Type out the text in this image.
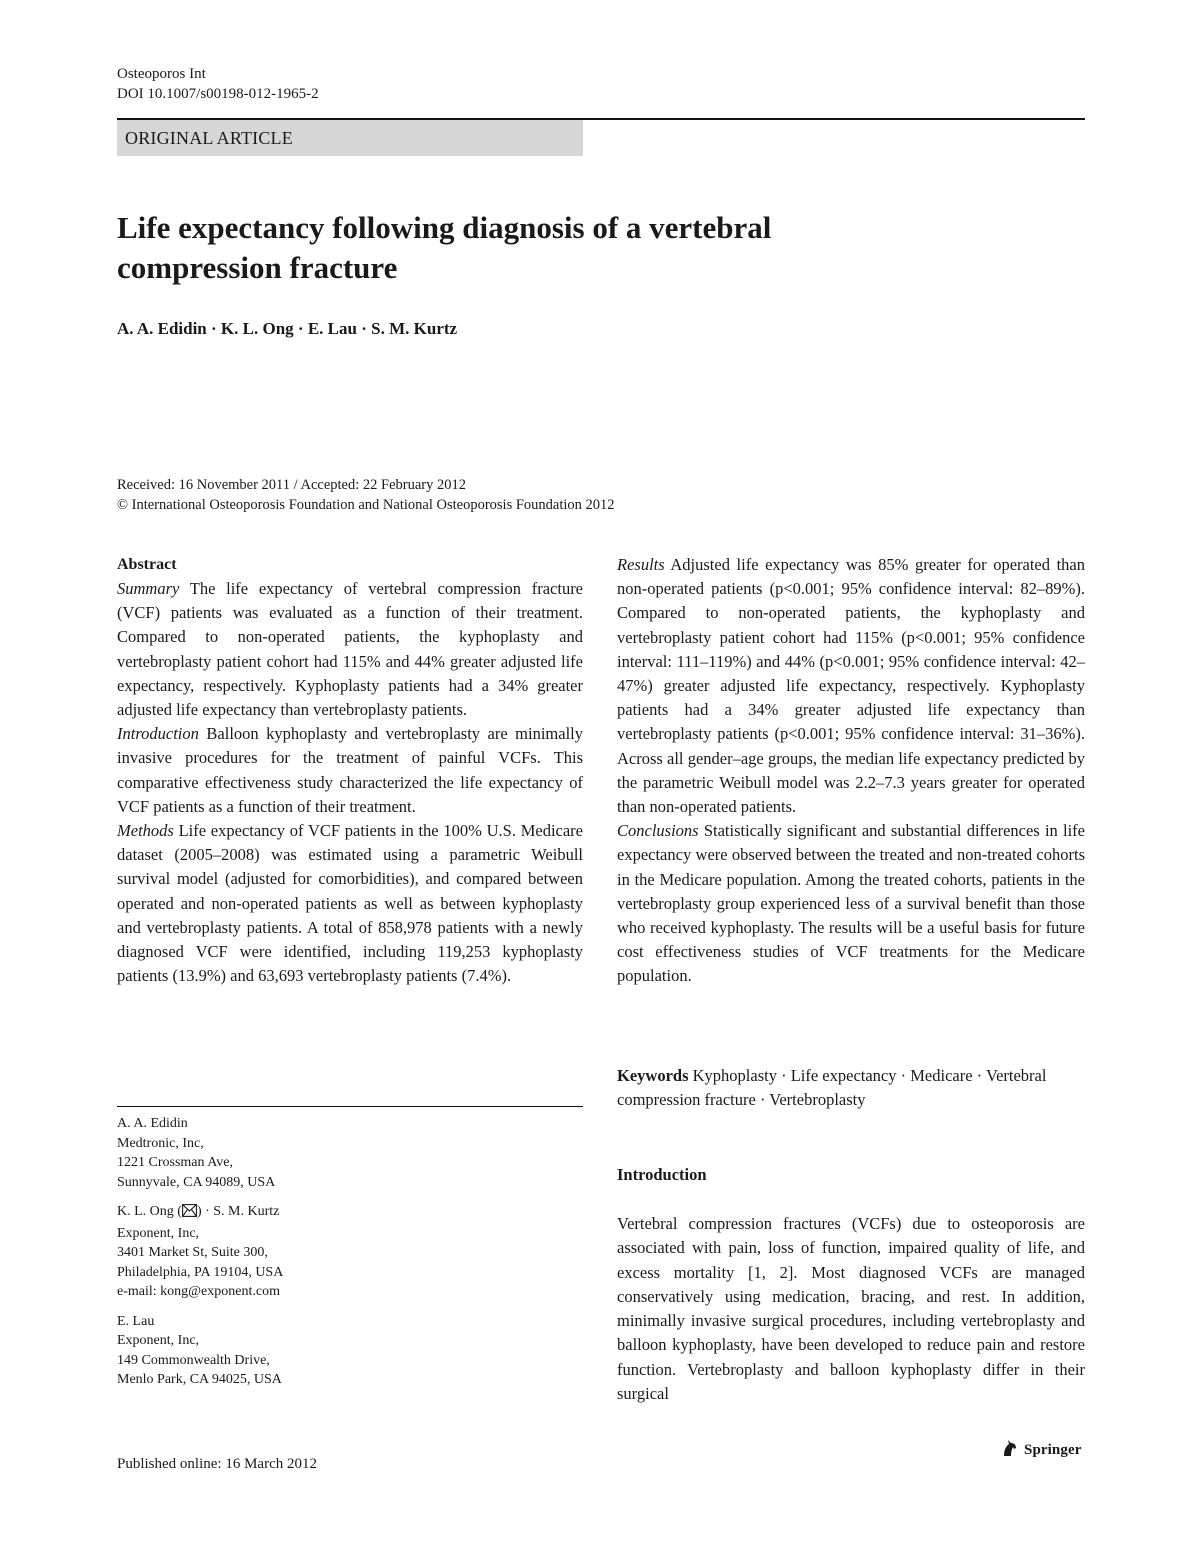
Osteoporos Int
DOI 10.1007/s00198-012-1965-2
ORIGINAL ARTICLE
Life expectancy following diagnosis of a vertebral
compression fracture
A. A. Edidin · K. L. Ong · E. Lau · S. M. Kurtz
Received: 16 November 2011 / Accepted: 22 February 2012
© International Osteoporosis Foundation and National Osteoporosis Foundation 2012
Abstract

Summary The life expectancy of vertebral compression fracture (VCF) patients was evaluated as a function of their treatment. Compared to non-operated patients, the kyphoplasty and vertebroplasty patient cohort had 115% and 44% greater adjusted life expectancy, respectively. Kyphoplasty patients had a 34% greater adjusted life expectancy than vertebroplasty patients.

Introduction Balloon kyphoplasty and vertebroplasty are minimally invasive procedures for the treatment of painful VCFs. This comparative effectiveness study characterized the life expectancy of VCF patients as a function of their treatment.

Methods Life expectancy of VCF patients in the 100% U.S. Medicare dataset (2005–2008) was estimated using a parametric Weibull survival model (adjusted for comorbidities), and compared between operated and non-operated patients as well as between kyphoplasty and vertebroplasty patients. A total of 858,978 patients with a newly diagnosed VCF were identified, including 119,253 kyphoplasty patients (13.9%) and 63,693 vertebroplasty patients (7.4%).

Results Adjusted life expectancy was 85% greater for operated than non-operated patients (p<0.001; 95% confidence interval: 82–89%). Compared to non-operated patients, the kyphoplasty and vertebroplasty patient cohort had 115% (p<0.001; 95% confidence interval: 111–119%) and 44% (p<0.001; 95% confidence interval: 42–47%) greater adjusted life expectancy, respectively. Kyphoplasty patients had a 34% greater adjusted life expectancy than vertebroplasty patients (p<0.001; 95% confidence interval: 31–36%). Across all gender–age groups, the median life expectancy predicted by the parametric Weibull model was 2.2–7.3 years greater for operated than non-operated patients.

Conclusions Statistically significant and substantial differences in life expectancy were observed between the treated and non-treated cohorts in the Medicare population. Among the treated cohorts, patients in the vertebroplasty group experienced less of a survival benefit than those who received kyphoplasty. The results will be a useful basis for future cost effectiveness studies of VCF treatments for the Medicare population.

Keywords Kyphoplasty · Life expectancy · Medicare · Vertebral compression fracture · Vertebroplasty
A. A. Edidin
Medtronic, Inc,
1221 Crossman Ave,
Sunnyvale, CA 94089, USA
K. L. Ong ( ) · S. M. Kurtz
Exponent, Inc,
3401 Market St, Suite 300,
Philadelphia, PA 19104, USA
e-mail: kong@exponent.com
E. Lau
Exponent, Inc,
149 Commonwealth Drive,
Menlo Park, CA 94025, USA
Introduction

Vertebral compression fractures (VCFs) due to osteoporosis are associated with pain, loss of function, impaired quality of life, and excess mortality [1, 2]. Most diagnosed VCFs are managed conservatively using medication, bracing, and rest. In addition, minimally invasive surgical procedures, including vertebroplasty and balloon kyphoplasty, have been developed to reduce pain and restore function. Vertebroplasty and balloon kyphoplasty differ in their surgical

Published online: 16 March 2012
Springer
